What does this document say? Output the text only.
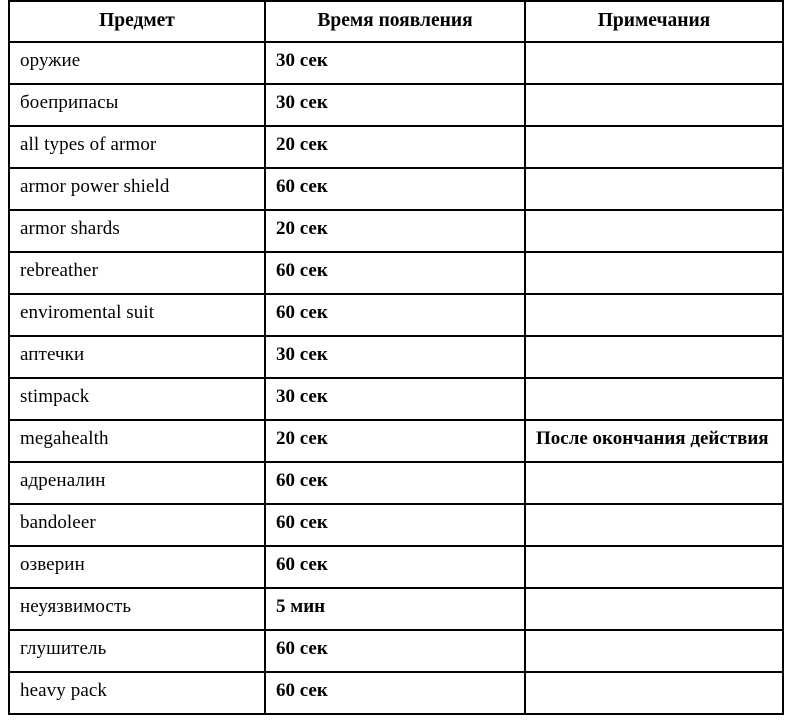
Предмет	Время появления	Примечания
оружие	30 сек	
боеприпасы	30 сек	
all types of armor	20 сек	
armor power shield	60 сек	
armor shards	20 сек	
rebreather	60 сек	
enviromental suit	60 сек	
аптечки	30 сек	
stimpack	30 сек	
megahealth	20 сек	После окончания действия
адреналин	60 сек	
bandoleer	60 сек	
озверин	60 сек	
неуязвимость	5 мин	
глушитель	60 сек	
heavy pack	60 сек	
